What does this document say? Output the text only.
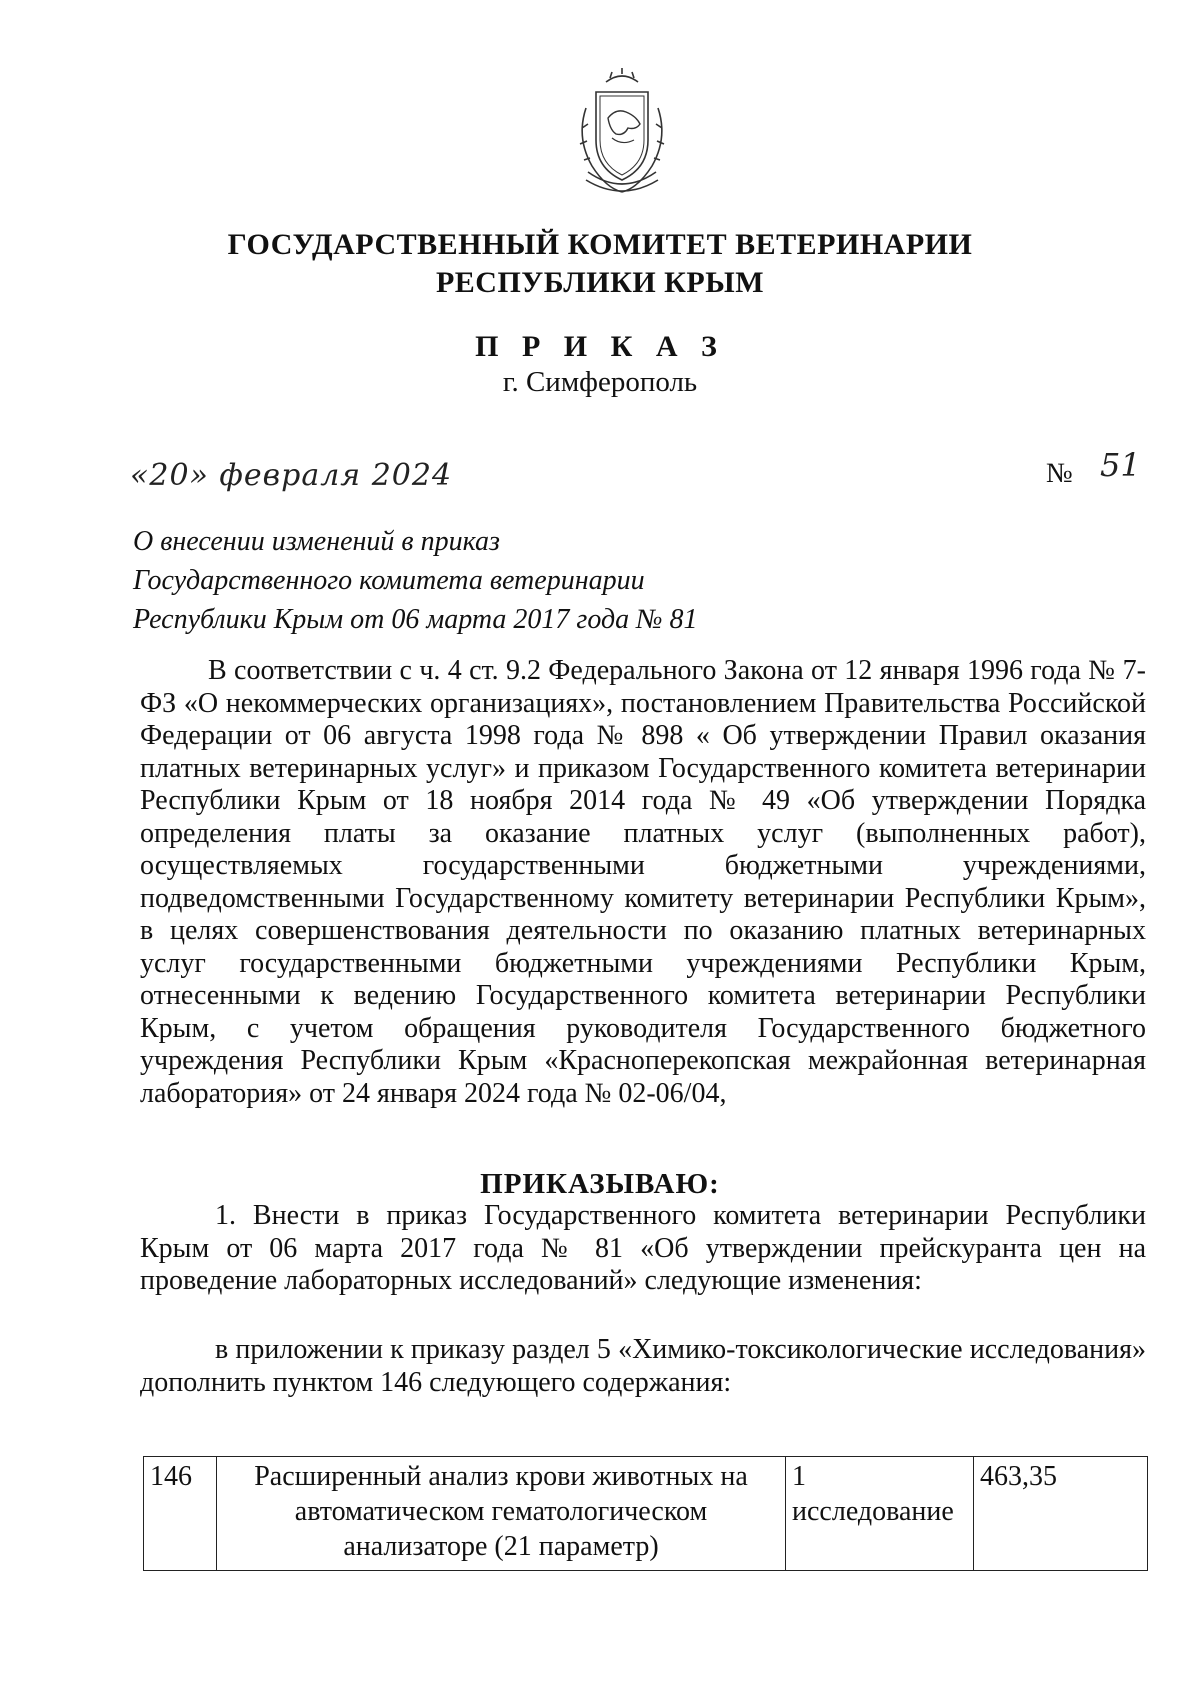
ГОСУДАРСТВЕННЫЙ КОМИТЕТ ВЕТЕРИНАРИИ
РЕСПУБЛИКИ КРЫМ
П Р И К А З
г. Симферополь
«20» февраля 2024	№ 51
О внесении изменений в приказ
Государственного комитета ветеринарии
Республики Крым от 06 марта 2017 года № 81
В соответствии с ч. 4 ст. 9.2 Федерального Закона от 12 января 1996 года № 7-ФЗ «О некоммерческих организациях», постановлением Правительства Российской Федерации от 06 августа 1998 года № 898 « Об утверждении Правил оказания платных ветеринарных услуг» и приказом Государственного комитета ветеринарии Республики Крым от 18 ноября 2014 года № 49 «Об утверждении Порядка определения платы за оказание платных услуг (выполненных работ), осуществляемых государственными бюджетными учреждениями, подведомственными Государственному комитету ветеринарии Республики Крым», в целях совершенствования деятельности по оказанию платных ветеринарных услуг государственными бюджетными учреждениями Республики Крым, отнесенными к ведению Государственного комитета ветеринарии Республики Крым, с учетом обращения руководителя Государственного бюджетного учреждения Республики Крым «Красноперекопская межрайонная ветеринарная лаборатория» от 24 января 2024 года № 02-06/04,
ПРИКАЗЫВАЮ:
1. Внести в приказ Государственного комитета ветеринарии Республики Крым от 06 марта 2017 года № 81 «Об утверждении прейскуранта цен на проведение лабораторных исследований» следующие изменения:
в приложении к приказу раздел 5 «Химико-токсикологические исследования» дополнить пунктом 146 следующего содержания:
146	Расширенный анализ крови животных на автоматическом гематологическом анализаторе (21 параметр)	1 исследование	463,35
